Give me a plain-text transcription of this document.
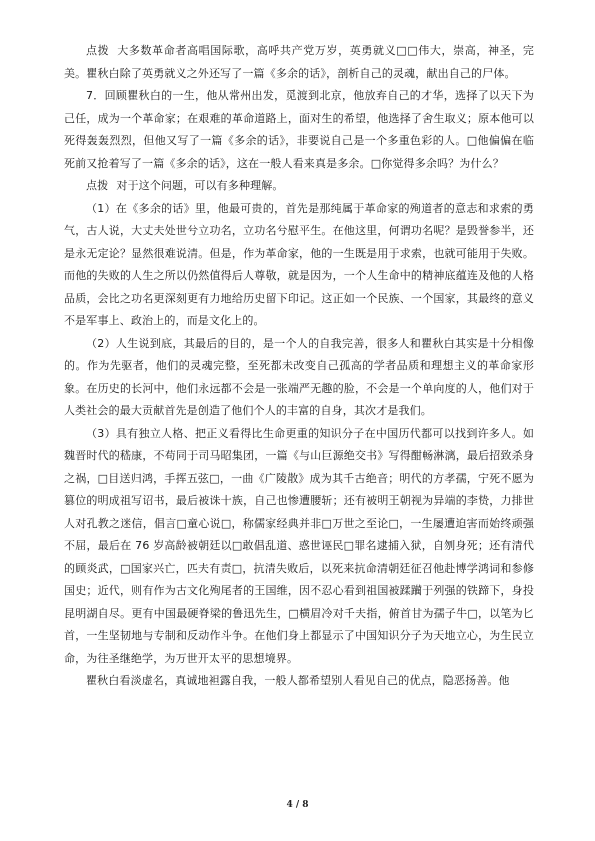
点拨 大多数革命者高唱国际歌，高呼共产党万岁，英勇就义□□伟大，崇高，神圣，完美。瞿秋白除了英勇就义之外还写了一篇《多余的话》，剖析自己的灵魂，献出自己的尸体。

7．回顾瞿秋白的一生，他从常州出发，觅渡到北京，他放弃自己的才华，选择了以天下为己任，成为一个革命家；在艰难的革命道路上，面对生的希望，他选择了舍生取义；原本他可以死得轰轰烈烈，但他又写了一篇《多余的话》，非要说自己是一个多重色彩的人。□他偏偏在临死前又抢着写了一篇《多余的话》，这在一般人看来真是多余。□你觉得多余吗？为什么？

点拨 对于这个问题，可以有多种理解。

（1）在《多余的话》里，他最可贵的，首先是那纯属于革命家的殉道者的意志和求索的勇气，古人说，大丈夫处世兮立功名，立功名兮慰平生。在他这里，何谓功名呢？是毁誉参半，还是永无定论？显然很难说清。但是，作为革命家，他的一生既是用于求索，也就可能用于失败。而他的失败的人生之所以仍然值得后人尊敬，就是因为，一个人生命中的精神底蕴连及他的人格品质，会比之功名更深刻更有力地给历史留下印记。这正如一个民族、一个国家，其最终的意义不是军事上、政治上的，而是文化上的。

（2）人生说到底，其最后的目的，是一个人的自我完善，很多人和瞿秋白其实是十分相像的。作为先驱者，他们的灵魂完整，至死都未改变自己孤高的学者品质和理想主义的革命家形象。在历史的长河中，他们永远都不会是一张端严无趣的脸，不会是一个单向度的人，他们对于人类社会的最大贡献首先是创造了他们个人的丰富的自身，其次才是我们。

（3）具有独立人格、把正义看得比生命更重的知识分子在中国历代都可以找到许多人。如魏晋时代的嵇康，不苟同于司马昭集团，一篇《与山巨源绝交书》写得酣畅淋漓，最后招致杀身之祸，□目送归鸿，手挥五弦□，一曲《广陵散》成为其千古绝音；明代的方孝孺，宁死不愿为篡位的明成祖写诏书，最后被诛十族，自己也惨遭腰斩；还有被明王朝视为异端的李贽，力排世人对孔教之迷信，倡言□童心说□，称儒家经典并非□万世之至论□，一生屡遭迫害而始终顽强不屈，最后在 76 岁高龄被朝廷以□敢倡乱道、惑世诬民□罪名逮捕入狱，自刎身死；还有清代的顾炎武，□国家兴亡，匹夫有责□，抗清失败后，以死来抗命清朝廷征召他赴博学鸿词和参修国史；近代，则有作为古文化殉尾者的王国维，因不忍心看到祖国被蹂躏于列强的铁蹄下，身投昆明湖自尽。更有中国最硬脊梁的鲁迅先生，□横眉冷对千夫指，俯首甘为孺子牛□，以笔为匕首，一生坚韧地与专制和反动作斗争。在他们身上都显示了中国知识分子为天地立心，为生民立命，为往圣继绝学，为万世开太平的思想境界。

瞿秋白看淡虚名，真诚地袒露自我，一般人都希望别人看见自己的优点，隐恶扬善。他

4 / 8
